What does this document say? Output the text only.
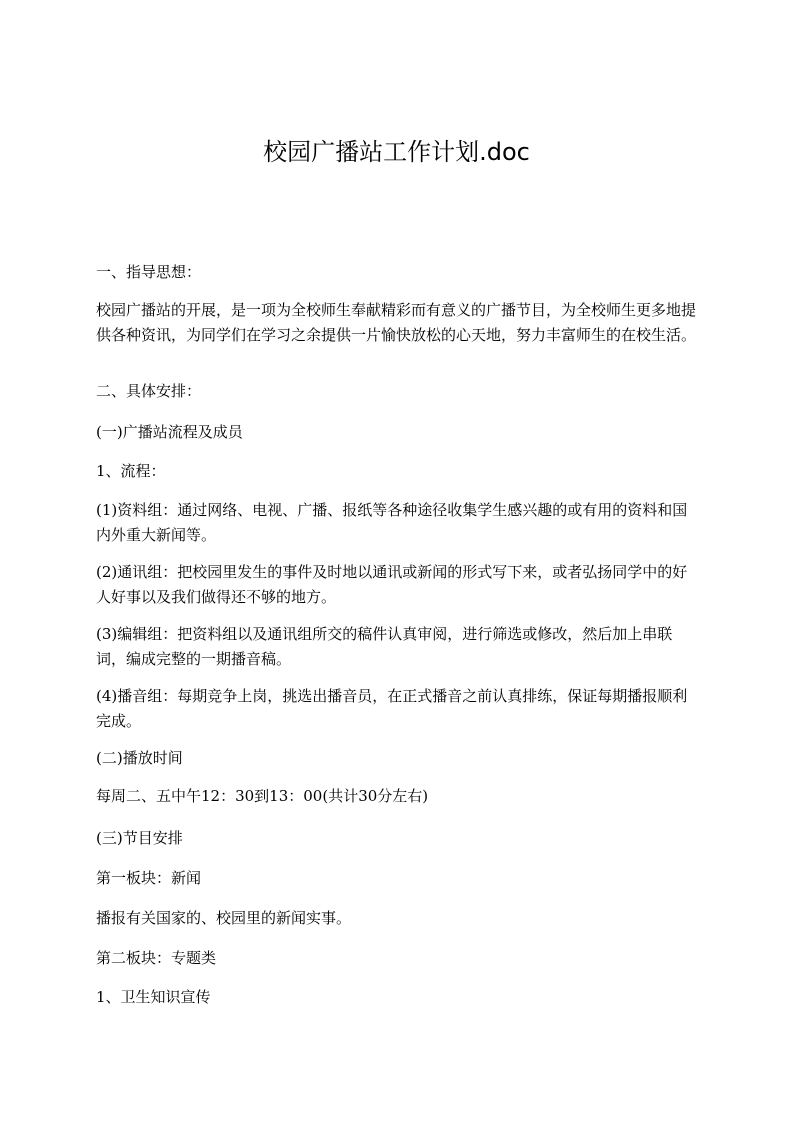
校园广播站工作计划.doc

一、指导思想：

校园广播站的开展，是一项为全校师生奉献精彩而有意义的广播节目，为全校师生更多地提供各种资讯，为同学们在学习之余提供一片愉快放松的心天地，努力丰富师生的在校生活。

二、具体安排：

(一)广播站流程及成员

1、流程：

(1)资料组：通过网络、电视、广播、报纸等各种途径收集学生感兴趣的或有用的资料和国内外重大新闻等。

(2)通讯组：把校园里发生的事件及时地以通讯或新闻的形式写下来，或者弘扬同学中的好人好事以及我们做得还不够的地方。

(3)编辑组：把资料组以及通讯组所交的稿件认真审阅，进行筛选或修改，然后加上串联词，编成完整的一期播音稿。

(4)播音组：每期竞争上岗，挑选出播音员，在正式播音之前认真排练，保证每期播报顺利完成。

(二)播放时间

每周二、五中午12：30到13：00(共计30分左右)

(三)节目安排

第一板块：新闻

播报有关国家的、校园里的新闻实事。

第二板块：专题类

1、卫生知识宣传
